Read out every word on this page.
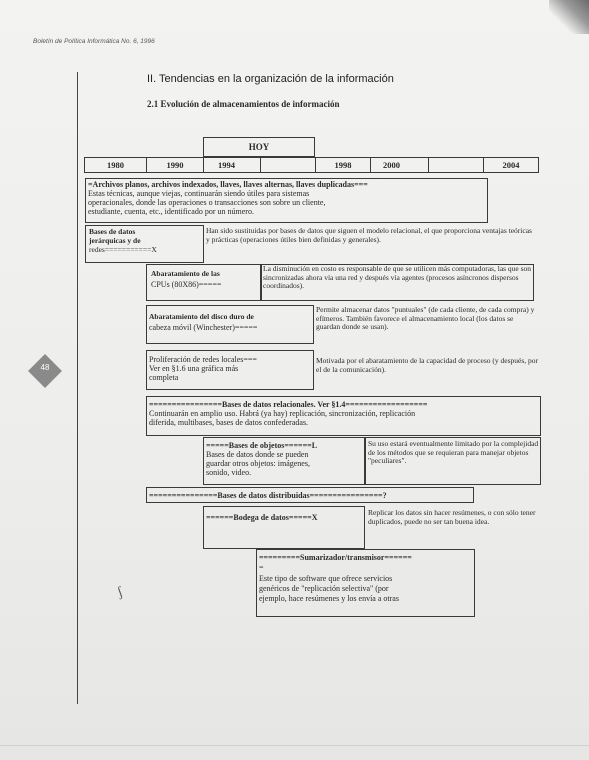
Boletín de Política Informática No. 6, 1996
48
II. Tendencias en la organización de la información
2.1 Evolución de almacenamientos de información
HOY
1980	1990	1994	1998	2000	2004
=Archivos planos, archivos indexados, llaves, llaves alternas, llaves duplicadas===
Estas técnicas, aunque viejas, continuarán siendo útiles para sistemas
operacionales, donde las operaciones o transacciones son sobre un cliente,
estudiante, cuenta, etc., identificado por un número.
Bases de datos
jerárquicas y de
redes===========X
Han sido sustituidas por bases de datos que siguen el modelo relacional, el que proporciona ventajas teóricas y prácticas (operaciones útiles bien definidas y generales).
Abaratamiento de las
CPUs (80X86)=====
La disminución en costo es responsable de que se utilicen más computadoras, las que son sincronizadas ahora vía una red y después vía agentes (procesos asíncronos dispersos coordinados).
Abaratamiento del disco duro de
cabeza móvil (Winchester)=====
Permite almacenar datos "puntuales" (de cada cliente, de cada compra) y efímeros. También favorece el almacenamiento local (los datos se guardan donde se usan).
Proliferación de redes locales===
Ver en §1.6 una gráfica más
completa
Motivada por el abaratamiento de la capacidad de proceso (y después, por el de la comunicación).
================Bases de datos relacionales. Ver §1.4==================
Continuarán en amplio uso. Habrá (ya hay) replicación, sincronización, replicación
diferida, multibases, bases de datos confederadas.
=====Bases de objetos======L
Bases de datos donde se pueden
guardar otros objetos: imágenes,
sonido, video.
Su uso estará eventualmente limitado por la complejidad de los métodos que se requieran para manejar objetos "peculiares".
===============Bases de datos distribuidas================?
======Bodega de datos=====X
Replicar los datos sin hacer resúmenes, o con sólo tener duplicados, puede no ser tan buena idea.
=========Sumarizador/transmisor======
=
Este tipo de software que ofrece servicios
genéricos de "replicación selectiva" (por
ejemplo, hace resúmenes y los envía a otras
ʃ
